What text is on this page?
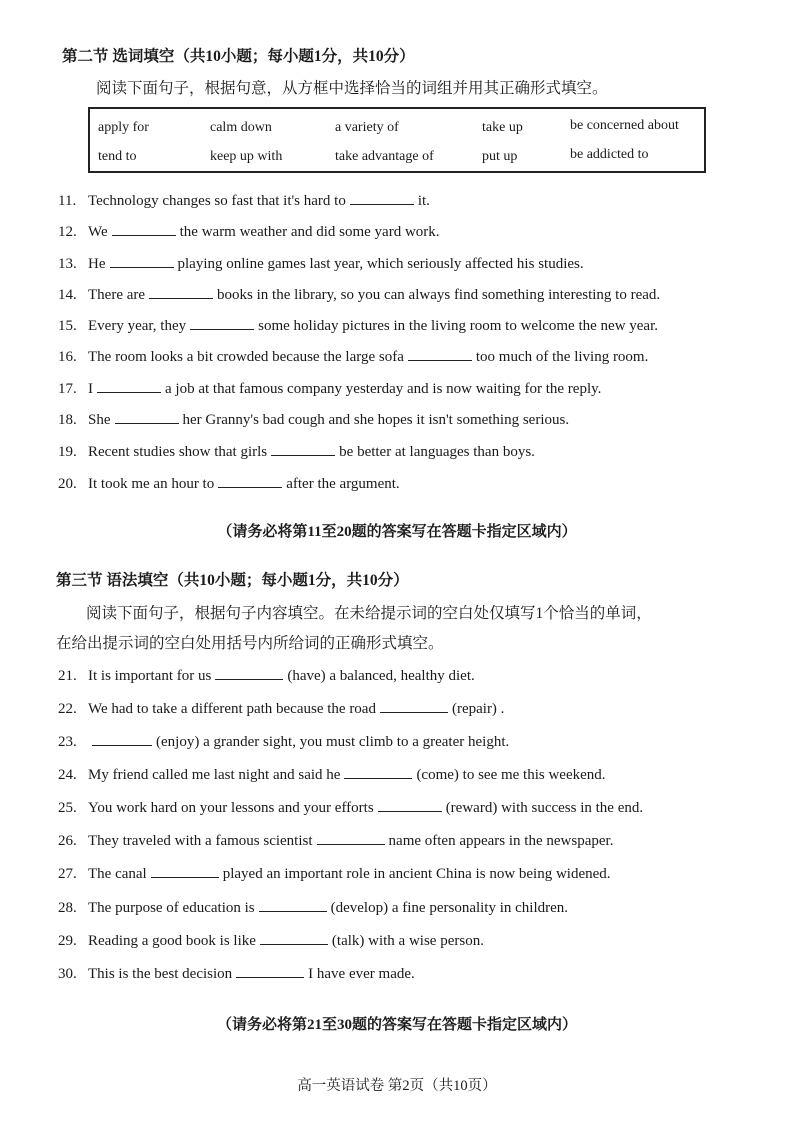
第二节 选词填空（共10小题；每小题1分，共10分）
阅读下面句子，根据句意，从方框中选择恰当的词组并用其正确形式填空。
apply for	calm down	a variety of	take up	be concerned about
tend to	keep up with	take advantage of	put up	be addicted to
11. Technology changes so fast that it's hard to	it.
12. We	the warm weather and did some yard work.
13. He	playing online games last year, which seriously affected his studies.
14. There are	books in the library, so you can always find something interesting to read.
15. Every year, they	some holiday pictures in the living room to welcome the new year.
16. The room looks a bit crowded because the large sofa	too much of the living room.
17. I	a job at that famous company yesterday and is now waiting for the reply.
18. She	her Granny's bad cough and she hopes it isn't something serious.
19. Recent studies show that girls	be better at languages than boys.
20. It took me an hour to	after the argument.
（请务必将第11至20题的答案写在答题卡指定区域内）
第三节 语法填空（共10小题；每小题1分，共10分）
阅读下面句子，根据句子内容填空。在未给提示词的空白处仅填写1个恰当的单词，
在给出提示词的空白处用括号内所给词的正确形式填空。
21. It is important for us	(have) a balanced, healthy diet.
22. We had to take a different path because the road	(repair) .
23.	(enjoy) a grander sight, you must climb to a greater height.
24. My friend called me last night and said he	(come) to see me this weekend.
25. You work hard on your lessons and your efforts	(reward) with success in the end.
26. They traveled with a famous scientist	name often appears in the newspaper.
27. The canal	played an important role in ancient China is now being widened.
28. The purpose of education is	(develop) a fine personality in children.
29. Reading a good book is like	(talk) with a wise person.
30. This is the best decision	I have ever made.
（请务必将第21至30题的答案写在答题卡指定区域内）
高一英语试卷 第2页（共10页）
